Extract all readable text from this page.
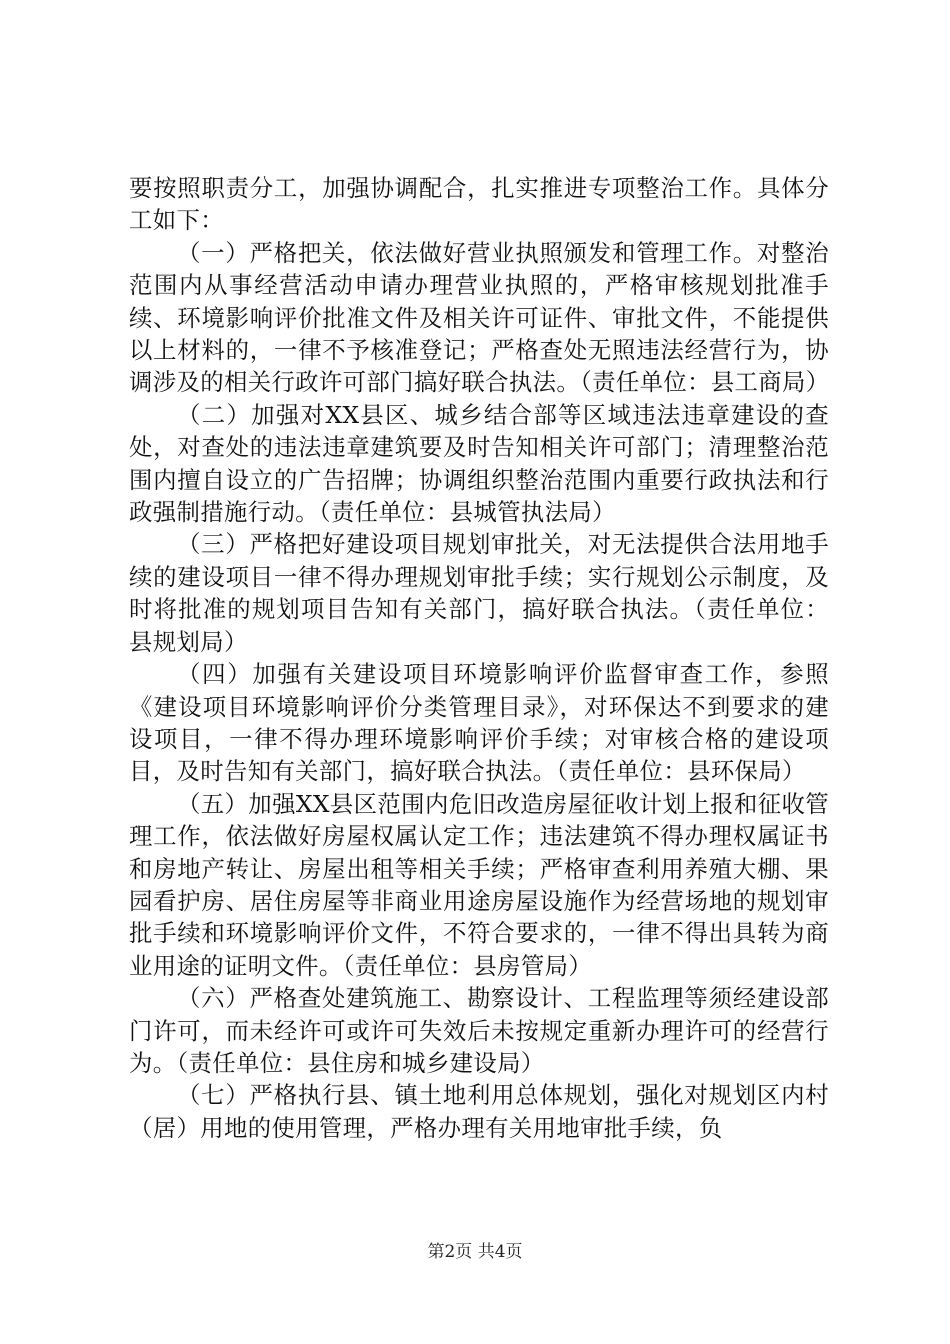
要按照职责分工，加强协调配合，扎实推进专项整治工作。具体分工如下：

（一）严格把关，依法做好营业执照颁发和管理工作。对整治范围内从事经营活动申请办理营业执照的，严格审核规划批准手续、环境影响评价批准文件及相关许可证件、审批文件，不能提供以上材料的，一律不予核准登记；严格查处无照违法经营行为，协调涉及的相关行政许可部门搞好联合执法。（责任单位：县工商局）

（二）加强对XX县区、城乡结合部等区域违法违章建设的查处，对查处的违法违章建筑要及时告知相关许可部门；清理整治范围内擅自设立的广告招牌；协调组织整治范围内重要行政执法和行政强制措施行动。（责任单位：县城管执法局）

（三）严格把好建设项目规划审批关，对无法提供合法用地手续的建设项目一律不得办理规划审批手续；实行规划公示制度，及时将批准的规划项目告知有关部门，搞好联合执法。（责任单位：县规划局）

（四）加强有关建设项目环境影响评价监督审查工作，参照《建设项目环境影响评价分类管理目录》，对环保达不到要求的建设项目，一律不得办理环境影响评价手续；对审核合格的建设项目，及时告知有关部门，搞好联合执法。（责任单位：县环保局）

（五）加强XX县区范围内危旧改造房屋征收计划上报和征收管理工作，依法做好房屋权属认定工作；违法建筑不得办理权属证书和房地产转让、房屋出租等相关手续；严格审查利用养殖大棚、果园看护房、居住房屋等非商业用途房屋设施作为经营场地的规划审批手续和环境影响评价文件，不符合要求的，一律不得出具转为商业用途的证明文件。（责任单位：县房管局）

（六）严格查处建筑施工、勘察设计、工程监理等须经建设部门许可，而未经许可或许可失效后未按规定重新办理许可的经营行为。（责任单位：县住房和城乡建设局）

（七）严格执行县、镇土地利用总体规划，强化对规划区内村（居）用地的使用管理，严格办理有关用地审批手续，负

第2页 共4页
